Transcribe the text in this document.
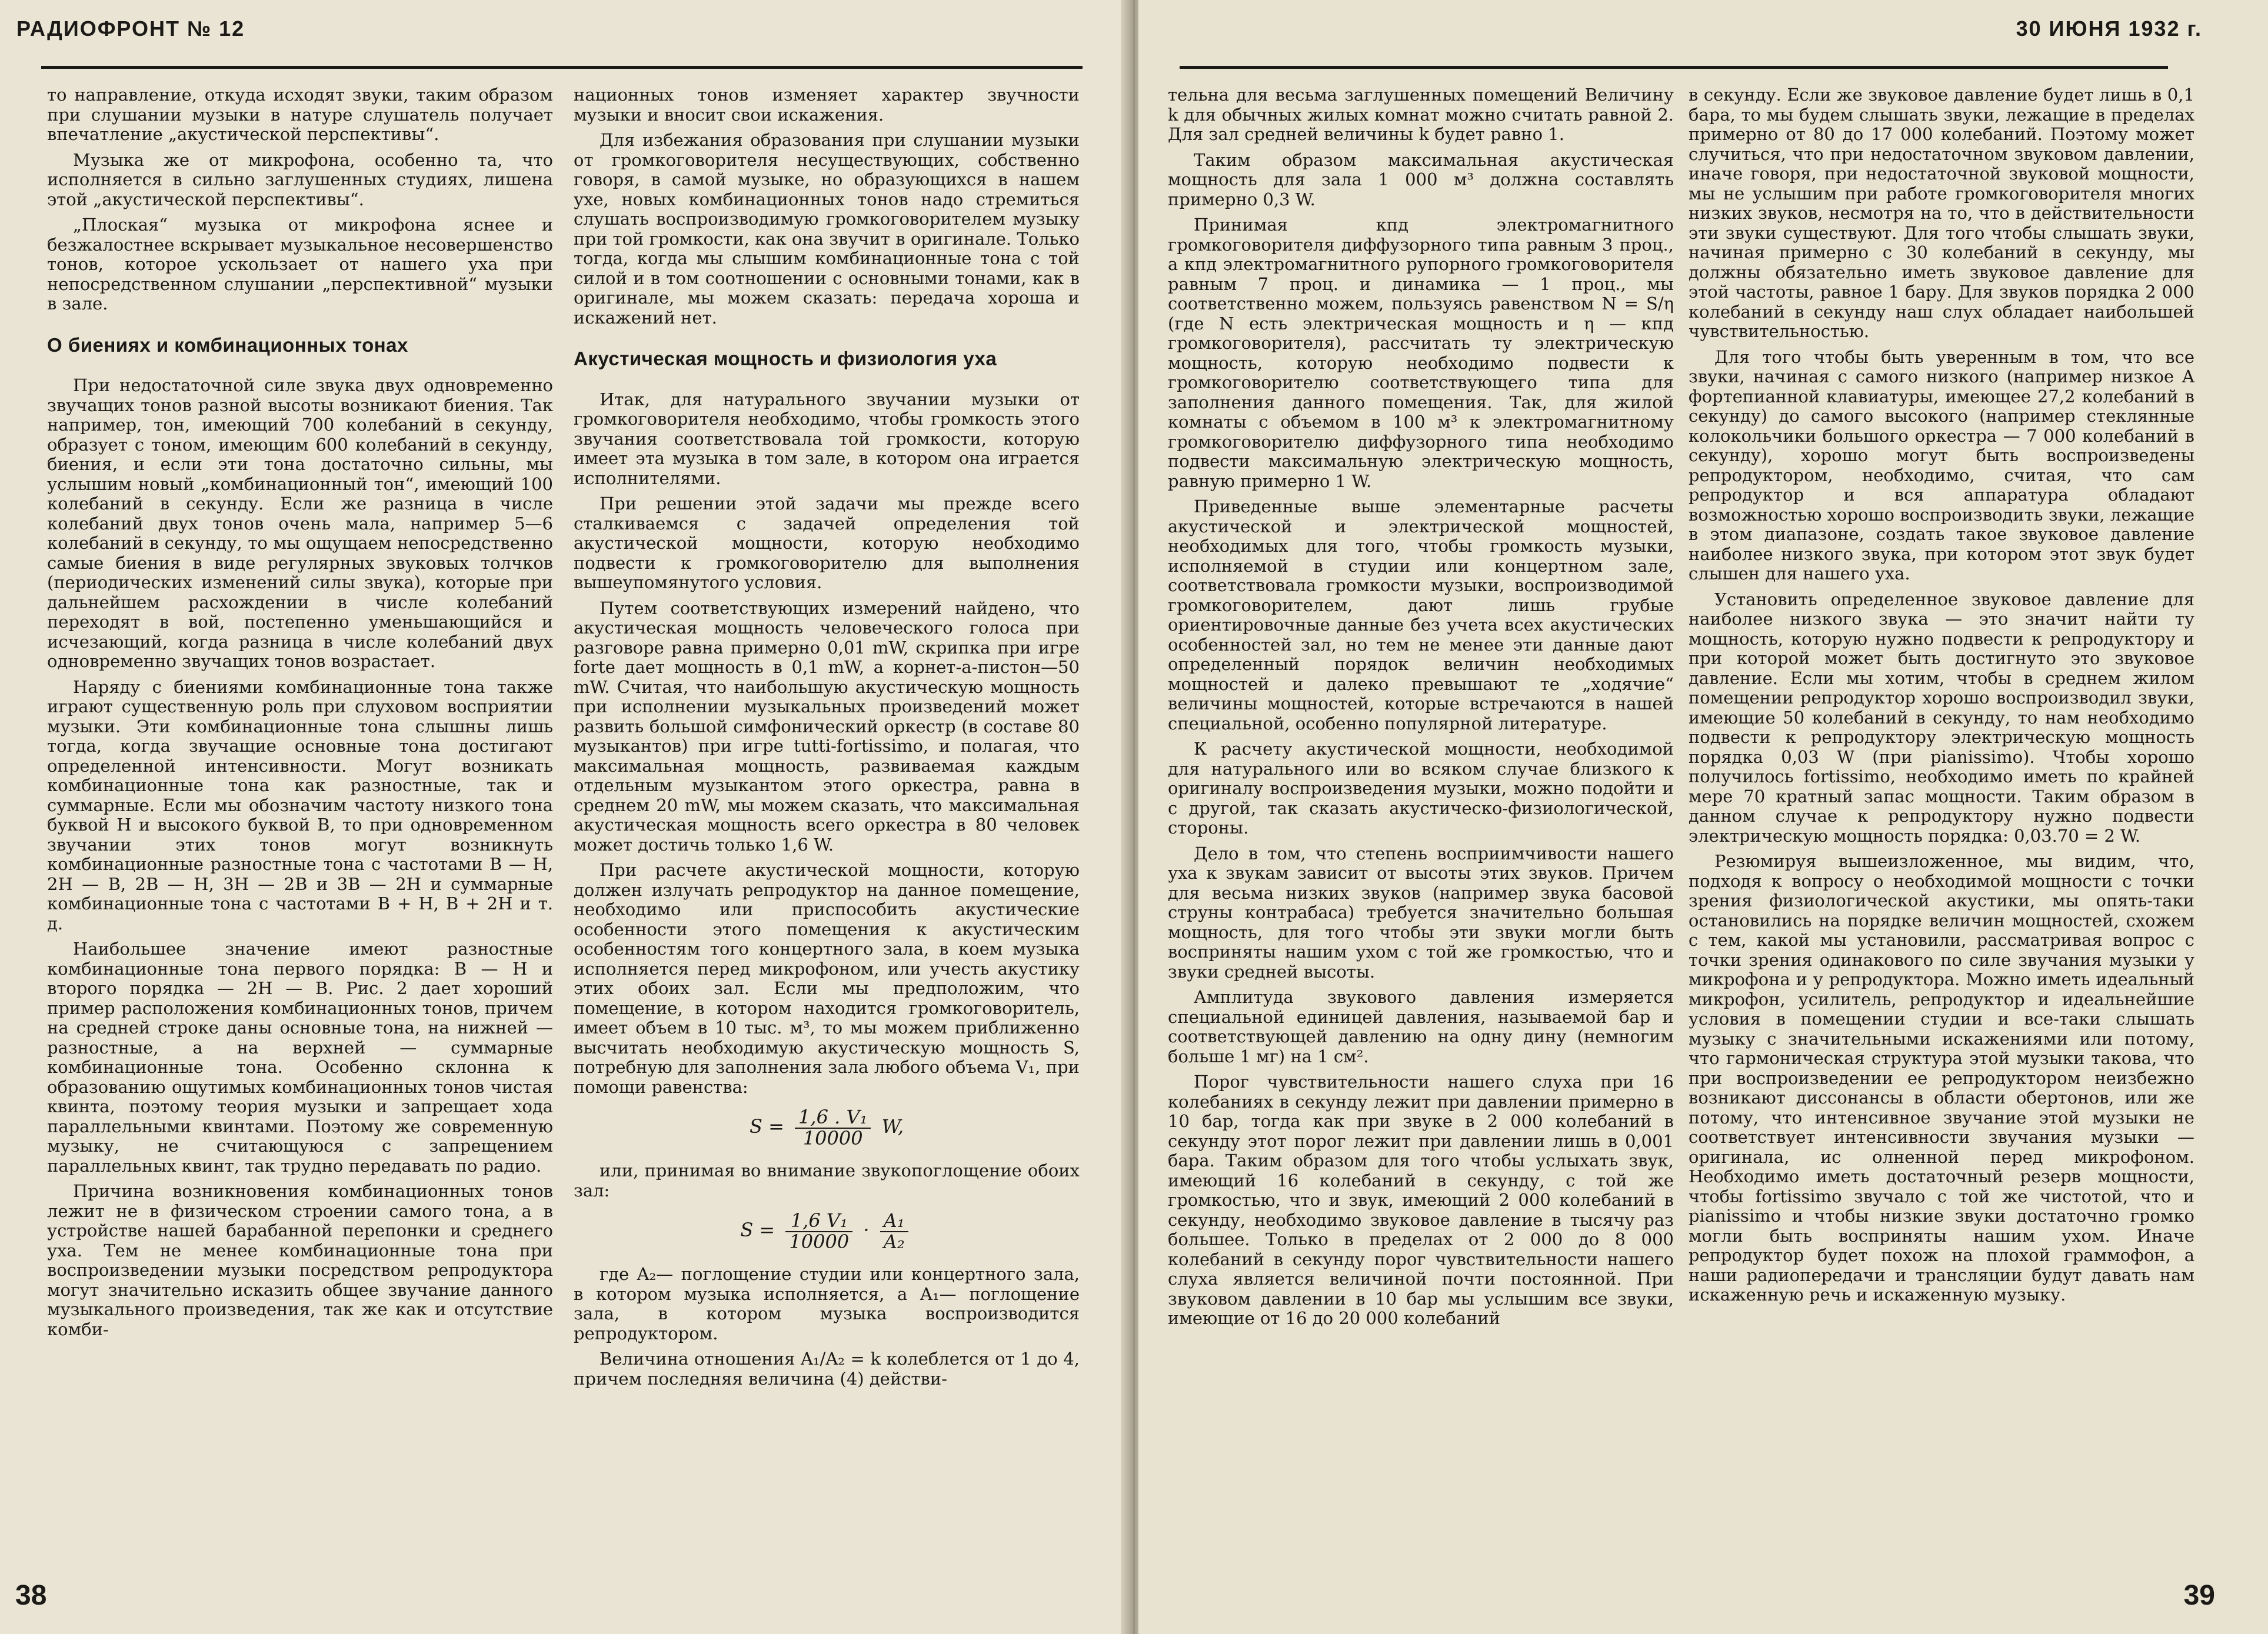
РАДИОФРОНТ № 12

то направление, откуда исходят звуки, таким образом при слушании музыки в натуре слушатель получает впечатление „акустической перспективы“.

Музыка же от микрофона, особенно та, что исполняется в сильно заглушенных студиях, лишена этой „акустической перспективы“.

„Плоская“ музыка от микрофона яснее и безжалостнее вскрывает музыкальное несовершенство тонов, которое ускользает от нашего уха при непосредственном слушании „перспективной“ музыки в зале.

О биениях и комбинационных тонах

При недостаточной силе звука двух одновременно звучащих тонов разной высоты возникают биения. Так например, тон, имеющий 700 колебаний в секунду, образует с тоном, имеющим 600 колебаний в секунду, биения, и если эти тона достаточно сильны, мы услышим новый „комбинационный тон“, имеющий 100 колебаний в секунду. Если же разница в числе колебаний двух тонов очень мала, например 5—6 колебаний в секунду, то мы ощущаем непосредственно самые биения в виде регулярных звуковых толчков (периодических изменений силы звука), которые при дальнейшем расхождении в числе колебаний переходят в вой, постепенно уменьшающийся и исчезающий, когда разница в числе колебаний двух одновременно звучащих тонов возрастает.

Наряду с биениями комбинационные тона также играют существенную роль при слуховом восприятии музыки. Эти комбинационные тона слышны лишь тогда, когда звучащие основные тона достигают определенной интенсивности. Могут возникать комбинационные тона как разностные, так и суммарные. Если мы обозначим частоту низкого тона буквой H и высокого буквой B, то при одновременном звучании этих тонов могут возникнуть комбинационные разностные тона с частотами B — H, 2H — B, 2B — H, 3H — 2B и 3B — 2H и суммарные комбинационные тона с частотами B + H, B + 2H и т. д.

Наибольшее значение имеют разностные комбинационные тона первого порядка: B — H и второго порядка — 2H — B. Рис. 2 дает хороший пример расположения комбинационных тонов, причем на средней строке даны основные тона, на нижней — разностные, а на верхней — суммарные комбинационные тона. Особенно склонна к образованию ощутимых комбинационных тонов чистая квинта, поэтому теория музыки и запрещает хода параллельными квинтами. Поэтому же современную музыку, не считающуюся с запрещением параллельных квинт, так трудно передавать по радио.

Причина возникновения комбинационных тонов лежит не в физическом строении самого тона, а в устройстве нашей барабанной перепонки и среднего уха. Тем не менее комбинационные тона при воспроизведении музыки посредством репродуктора могут значительно исказить общее звучание данного музыкального произведения, так же как и отсутствие комби-

национных тонов изменяет характер звучности музыки и вносит свои искажения.

Для избежания образования при слушании музыки от громкоговорителя несуществующих, собственно говоря, в самой музыке, но образующихся в нашем ухе, новых комбинационных тонов надо стремиться слушать воспроизводимую громкоговорителем музыку при той громкости, как она звучит в оригинале. Только тогда, когда мы слышим комбинационные тона с той силой и в том соотношении с основными тонами, как в оригинале, мы можем сказать: передача хороша и искажений нет.

Акустическая мощность и физиология уха

Итак, для натурального звучании музыки от громкоговорителя необходимо, чтобы громкость этого звучания соответствовала той громкости, которую имеет эта музыка в том зале, в котором она играется исполнителями.

При решении этой задачи мы прежде всего сталкиваемся с задачей определения той акустической мощности, которую необходимо подвести к громкоговорителю для выполнения вышеупомянутого условия.

Путем соответствующих измерений найдено, что акустическая мощность человеческого голоса при разговоре равна примерно 0,01 mW, скрипка при игре forte дает мощность в 0,1 mW, а корнет-а-пистон—50 mW. Считая, что наибольшую акустическую мощность при исполнении музыкальных произведений может развить большой симфонический оркестр (в составе 80 музыкантов) при игре tutti-fortissimo, и полагая, что максимальная мощность, развиваемая каждым отдельным музыкантом этого оркестра, равна в среднем 20 mW, мы можем сказать, что максимальная акустическая мощность всего оркестра в 80 человек может достичь только 1,6 W.

При расчете акустической мощности, которую должен излучать репродуктор на данное помещение, необходимо или приспособить акустические особенности этого помещения к акустическим особенностям того концертного зала, в коем музыка исполняется перед микрофоном, или учесть акустику этих обоих зал. Если мы предположим, что помещение, в котором находится громкоговоритель, имеет объем в 10 тыс. м³, то мы можем приближенно высчитать необходимую акустическую мощность S, потребную для заполнения зала любого объема V₁, при помощи равенства:

$S = \frac{\text{1,6 . V₁}}{10000} W$,

или, принимая во внимание звукопоглощение обоих зал:

$S = \frac{\text{1,6 V₁}}{10000} \cdot \frac{\text{A₁}}{\text{A₂}}$

где A₂— поглощение студии или концертного зала, в котором музыка исполняется, а A₁— поглощение зала, в котором музыка воспроизводится репродуктором.

Величина отношения A₁/A₂ = k колеблется от 1 до 4, причем последняя величина (4) действи-

38
30 ИЮНЯ 1932 г.

тельна для весьма заглушенных помещений Величину k для обычных жилых комнат можно считать равной 2. Для зал средней величины k будет равно 1.

Таким образом максимальная акустическая мощность для зала 1 000 м³ должна составлять примерно 0,3 W.

Принимая кпд электромагнитного громкоговорителя диффузорного типа равным 3 проц., а кпд электромагнитного рупорного громкоговорителя равным 7 проц. и динамика — 1 проц., мы соответственно можем, пользуясь равенством N = S/η (где N есть электрическая мощность и η — кпд громкоговорителя), рассчитать ту электрическую мощность, которую необходимо подвести к громкоговорителю соответствующего типа для заполнения данного помещения. Так, для жилой комнаты с объемом в 100 м³ к электромагнитному громкоговорителю диффузорного типа необходимо подвести максимальную электрическую мощность, равную примерно 1 W.

Приведенные выше элементарные расчеты акустической и электрической мощностей, необходимых для того, чтобы громкость музыки, исполняемой в студии или концертном зале, соответствовала громкости музыки, воспроизводимой громкоговорителем, дают лишь грубые ориентировочные данные без учета всех акустических особенностей зал, но тем не менее эти данные дают определенный порядок величин необходимых мощностей и далеко превышают те „ходячие“ величины мощностей, которые встречаются в нашей специальной, особенно популярной литературе.

К расчету акустической мощности, необходимой для натурального или во всяком случае близкого к оригиналу воспроизведения музыки, можно подойти и с другой, так сказать акустическо-физиологической, стороны.

Дело в том, что степень восприимчивости нашего уха к звукам зависит от высоты этих звуков. Причем для весьма низких звуков (например звука басовой струны контрабаса) требуется значительно большая мощность, для того чтобы эти звуки могли быть восприняты нашим ухом с той же громкостью, что и звуки средней высоты.

Амплитуда звукового давления измеряется специальной единицей давления, называемой бар и соответствующей давлению на одну дину (немногим больше 1 мг) на 1 см².

Порог чувствительности нашего слуха при 16 колебаниях в секунду лежит при давлении примерно в 10 бар, тогда как при звуке в 2 000 колебаний в секунду этот порог лежит при давлении лишь в 0,001 бара. Таким образом для того чтобы услыхать звук, имеющий 16 колебаний в секунду, с той же громкостью, что и звук, имеющий 2 000 колебаний в секунду, необходимо звуковое давление в тысячу раз большее. Только в пределах от 2 000 до 8 000 колебаний в секунду порог чувствительности нашего слуха является величиной почти постоянной. При звуковом давлении в 10 бар мы услышим все звуки, имеющие от 16 до 20 000 колебаний

в секунду. Если же звуковое давление будет лишь в 0,1 бара, то мы будем слышать звуки, лежащие в пределах примерно от 80 до 17 000 колебаний. Поэтому может случиться, что при недостаточном звуковом давлении, иначе говоря, при недостаточной звуковой мощности, мы не услышим при работе громкоговорителя многих низких звуков, несмотря на то, что в действительности эти звуки существуют. Для того чтобы слышать звуки, начиная примерно с 30 колебаний в секунду, мы должны обязательно иметь звуковое давление для этой частоты, равное 1 бару. Для звуков порядка 2 000 колебаний в секунду наш слух обладает наибольшей чувствительностью.

Для того чтобы быть уверенным в том, что все звуки, начиная с самого низкого (например низкое A фортепианной клавиатуры, имеющее 27,2 колебаний в секунду) до самого высокого (например стеклянные колокольчики большого оркестра — 7 000 колебаний в секунду), хорошо могут быть воспроизведены репродуктором, необходимо, считая, что сам репродуктор и вся аппаратура обладают возможностью хорошо воспроизводить звуки, лежащие в этом диапазоне, создать такое звуковое давление наиболее низкого звука, при котором этот звук будет слышен для нашего уха.

Установить определенное звуковое давление для наиболее низкого звука — это значит найти ту мощность, которую нужно подвести к репродуктору и при которой может быть достигнуто это звуковое давление. Если мы хотим, чтобы в среднем жилом помещении репродуктор хорошо воспроизводил звуки, имеющие 50 колебаний в секунду, то нам необходимо подвести к репродуктору электрическую мощность порядка 0,03 W (при pianissimo). Чтобы хорошо получилось fortissimo, необходимо иметь по крайней мере 70 кратный запас мощности. Таким образом в данном случае к репродуктору нужно подвести электрическую мощность порядка: 0,03.70 = 2 W.

Резюмируя вышеизложенное, мы видим, что, подходя к вопросу о необходимой мощности с точки зрения физиологической акустики, мы опять-таки остановились на порядке величин мощностей, схожем с тем, какой мы установили, рассматривая вопрос с точки зрения одинакового по силе звучания музыки у микрофона и у репродуктора. Можно иметь идеальный микрофон, усилитель, репродуктор и идеальнейшие условия в помещении студии и все-таки слышать музыку с значительными искажениями или потому, что гармоническая структура этой музыки такова, что при воспроизведении ее репродуктором неизбежно возникают диссонансы в области обертонов, или же потому, что интенсивное звучание этой музыки не соответствует интенсивности звучания музыки — оригинала, ис олненной перед микрофоном. Необходимо иметь достаточный резерв мощности, чтобы fortissimo звучало с той же чистотой, что и pianissimo и чтобы низкие звуки достаточно громко могли быть восприняты нашим ухом. Иначе репродуктор будет похож на плохой граммофон, а наши радиопередачи и трансляции будут давать нам искаженную речь и искаженную музыку.

39
